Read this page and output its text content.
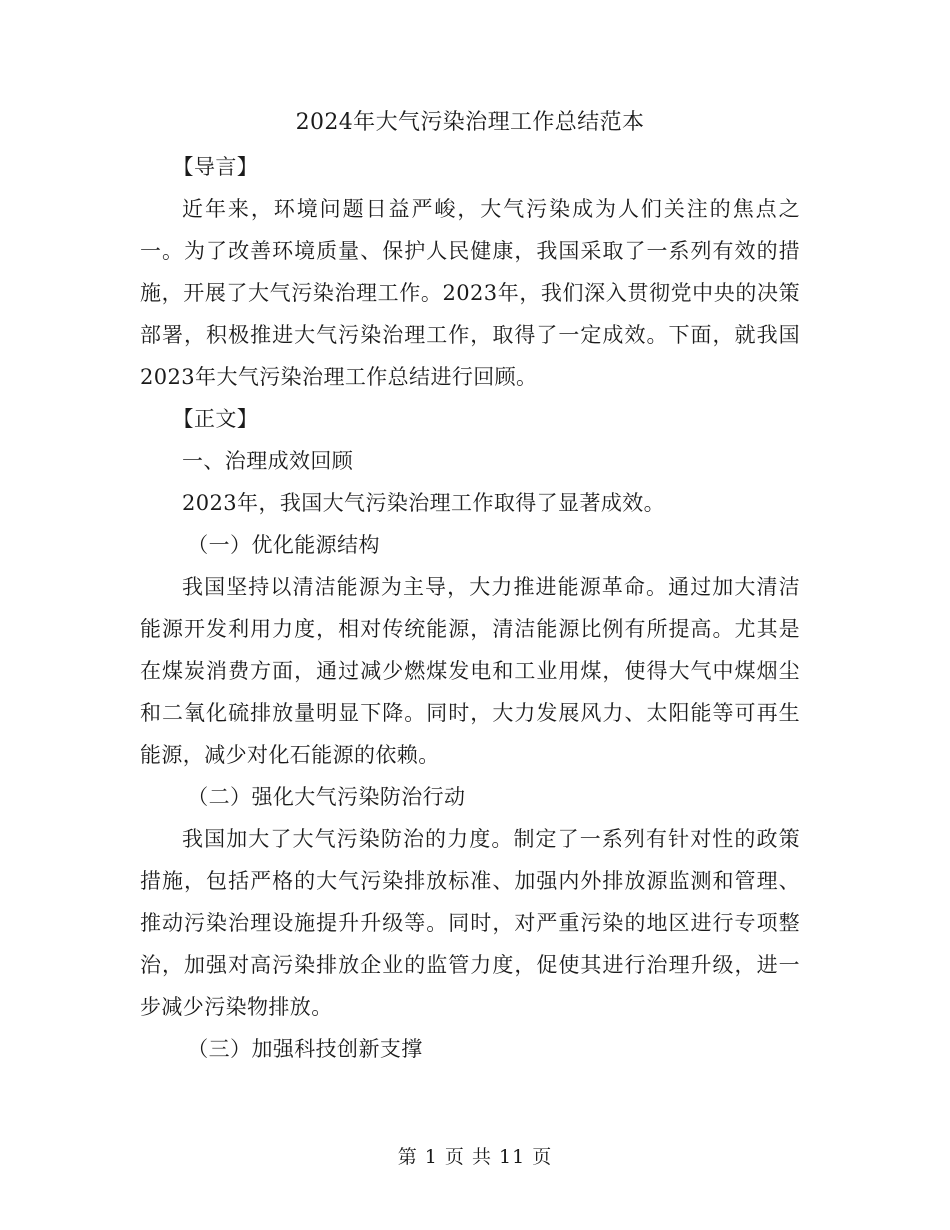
2024年大气污染治理工作总结范本

【导言】

近年来，环境问题日益严峻，大气污染成为人们关注的焦点之一。为了改善环境质量、保护人民健康，我国采取了一系列有效的措施，开展了大气污染治理工作。2023年，我们深入贯彻党中央的决策部署，积极推进大气污染治理工作，取得了一定成效。下面，就我国2023年大气污染治理工作总结进行回顾。

【正文】

一、治理成效回顾

2023年，我国大气污染治理工作取得了显著成效。

（一）优化能源结构

我国坚持以清洁能源为主导，大力推进能源革命。通过加大清洁能源开发利用力度，相对传统能源，清洁能源比例有所提高。尤其是在煤炭消费方面，通过减少燃煤发电和工业用煤，使得大气中煤烟尘和二氧化硫排放量明显下降。同时，大力发展风力、太阳能等可再生能源，减少对化石能源的依赖。

（二）强化大气污染防治行动

我国加大了大气污染防治的力度。制定了一系列有针对性的政策措施，包括严格的大气污染排放标准、加强内外排放源监测和管理、推动污染治理设施提升升级等。同时，对严重污染的地区进行专项整治，加强对高污染排放企业的监管力度，促使其进行治理升级，进一步减少污染物排放。

（三）加强科技创新支撑

第 1 页 共 11 页
